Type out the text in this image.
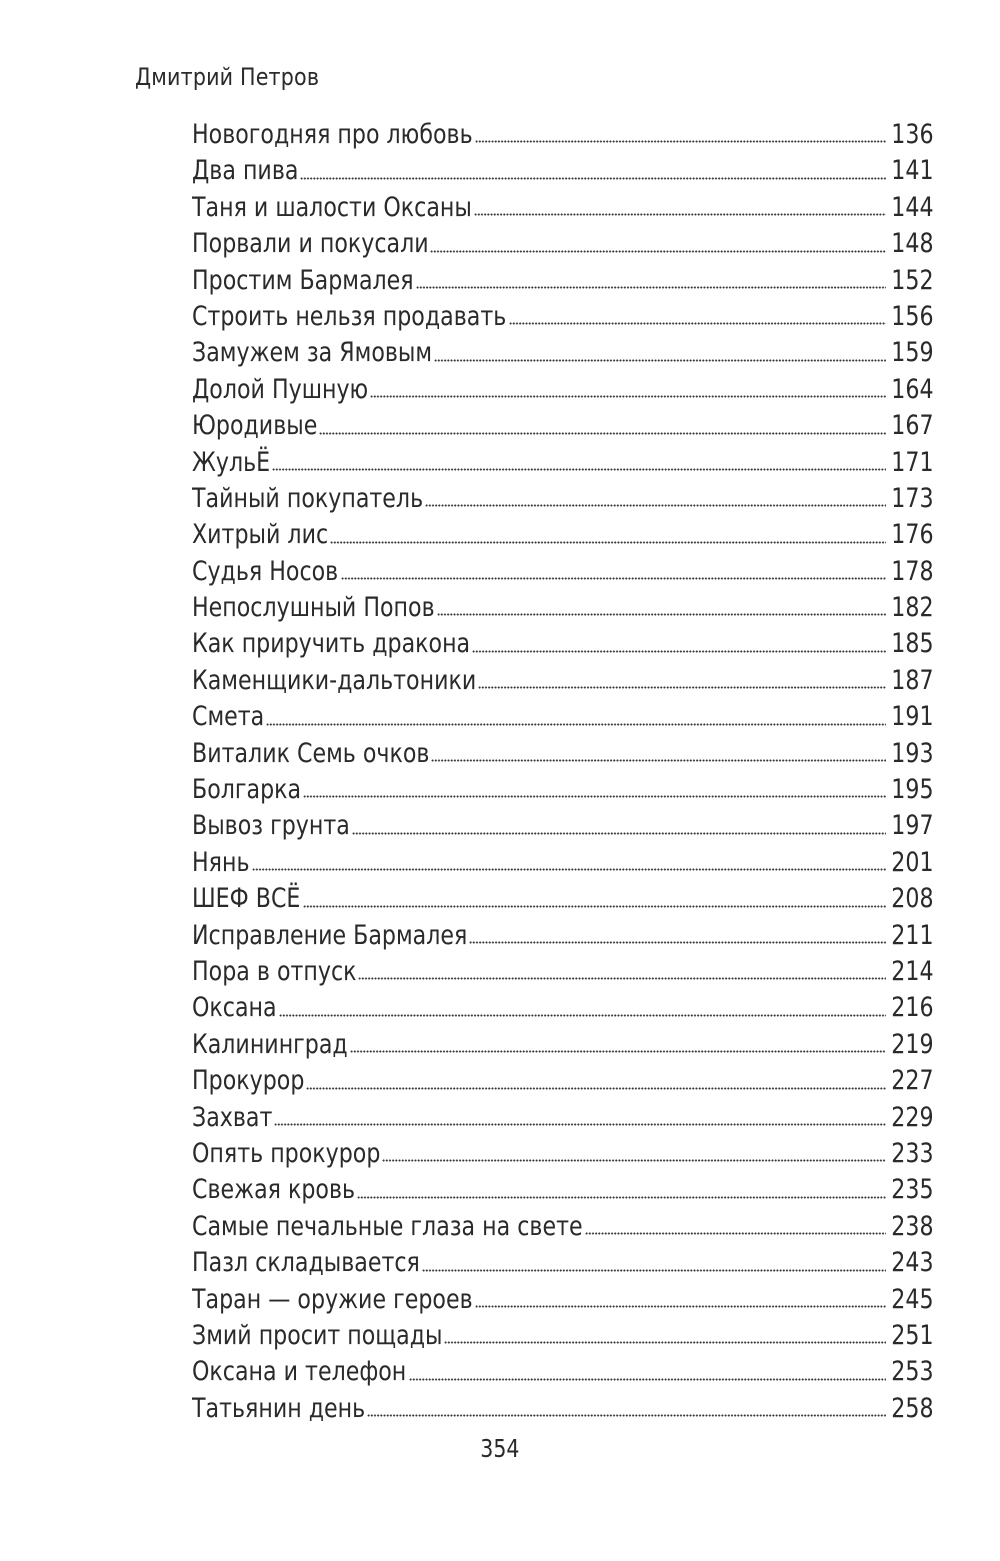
Дмитрий Петров
Новогодняя про любовь	136
Два пива	141
Таня и шалости Оксаны	144
Порвали и покусали	148
Простим Бармалея	152
Строить нельзя продавать	156
Замужем за Ямовым	159
Долой Пушную	164
Юродивые	167
ЖульЁ	171
Тайный покупатель	173
Хитрый лис	176
Судья Носов	178
Непослушный Попов	182
Как приручить дракона	185
Каменщики-дальтоники	187
Смета	191
Виталик Семь очков	193
Болгарка	195
Вывоз грунта	197
Нянь	201
ШЕФ ВСЁ	208
Исправление Бармалея	211
Пора в отпуск	214
Оксана	216
Калининград	219
Прокурор	227
Захват	229
Опять прокурор	233
Свежая кровь	235
Самые печальные глаза на свете	238
Пазл складывается	243
Таран — оружие героев	245
Змий просит пощады	251
Оксана и телефон	253
Татьянин день	258
354
